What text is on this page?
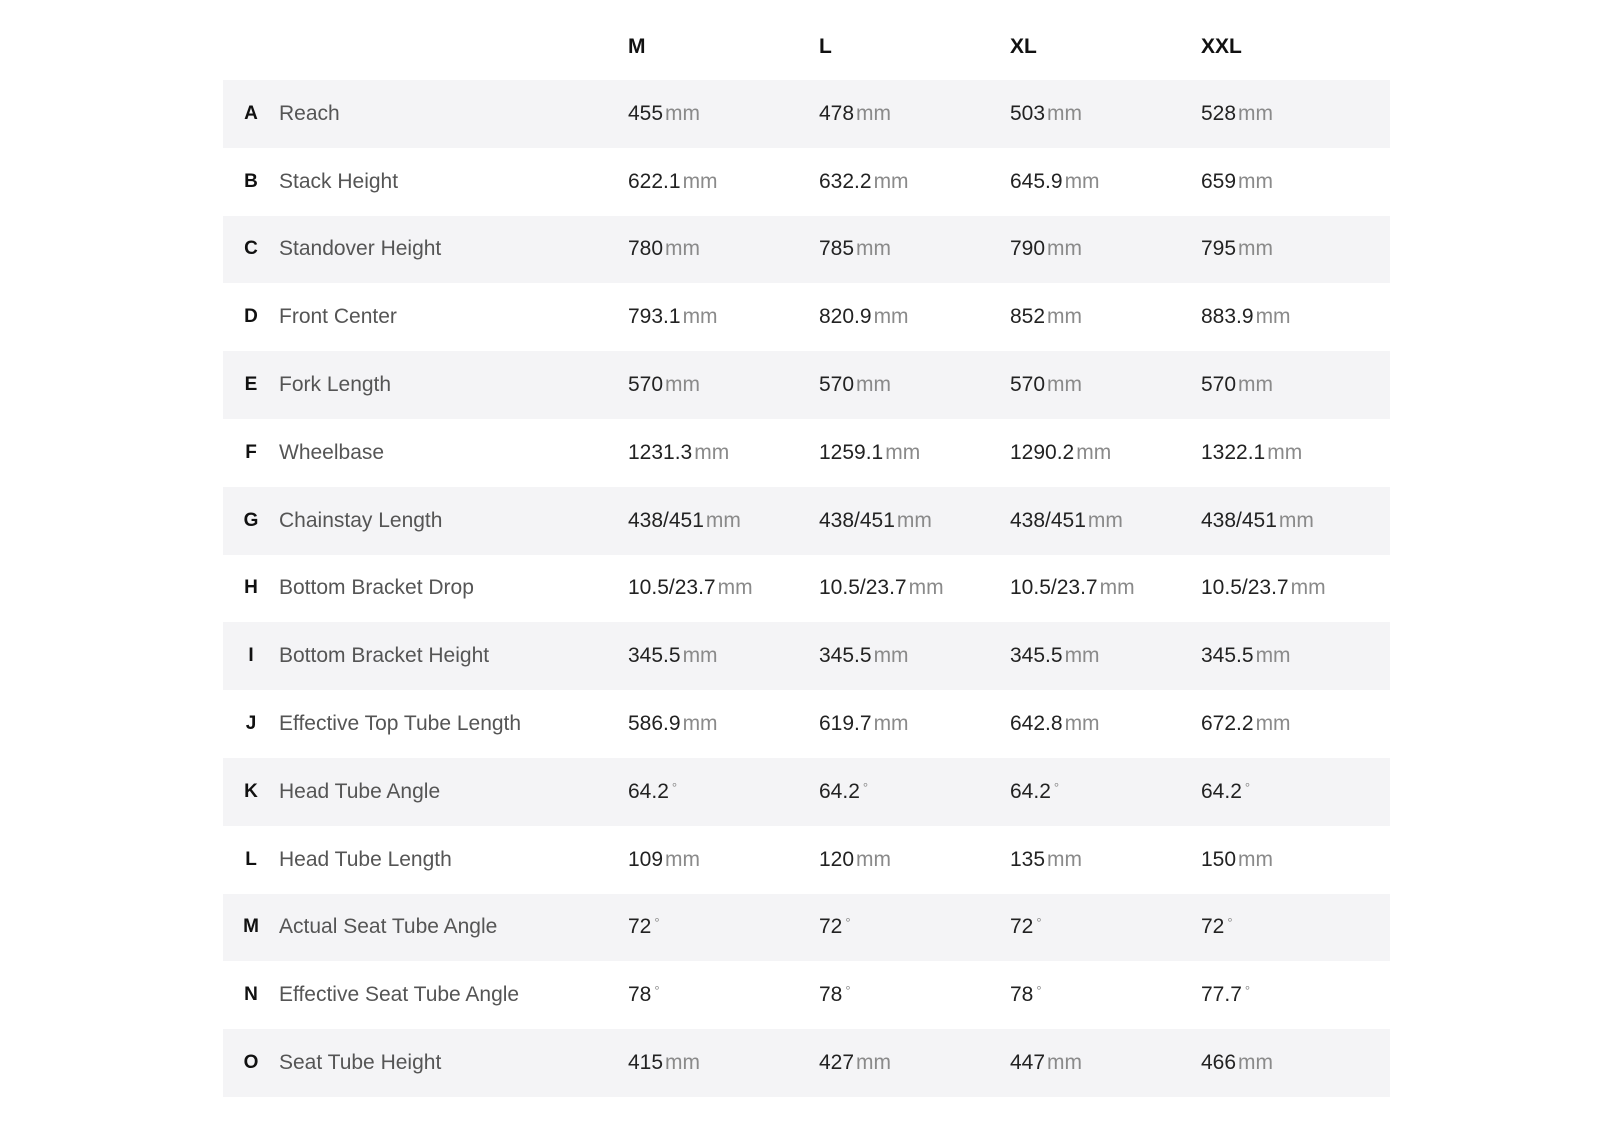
M	L	XL	XXL
A	Reach	455mm	478mm	503mm	528mm
B	Stack Height	622.1mm	632.2mm	645.9mm	659mm
C	Standover Height	780mm	785mm	790mm	795mm
D	Front Center	793.1mm	820.9mm	852mm	883.9mm
E	Fork Length	570mm	570mm	570mm	570mm
F	Wheelbase	1231.3mm	1259.1mm	1290.2mm	1322.1mm
G Chainstay Length	438/451mm	438/451mm	438/451mm	438/451mm
H	Bottom Bracket Drop	10.5/23.7mm	10.5/23.7mm	10.5/23.7mm	10.5/23.7mm
I	Bottom Bracket Height	345.5mm	345.5mm	345.5mm	345.5mm
J	Effective Top Tube Length	586.9mm	619.7mm	642.8mm	672.2mm
K	Head Tube Angle	64.2 °	64.2 °	64.2 °	64.2 °
L	Head Tube Length	109mm	120mm	135mm	150mm
M Actual Seat Tube Angle	72 °	72 °	72 °	72 °
N	Effective Seat Tube Angle	78 °	78 °	78 °	77.7 °
O Seat Tube Height	415mm	427mm	447mm	466mm
